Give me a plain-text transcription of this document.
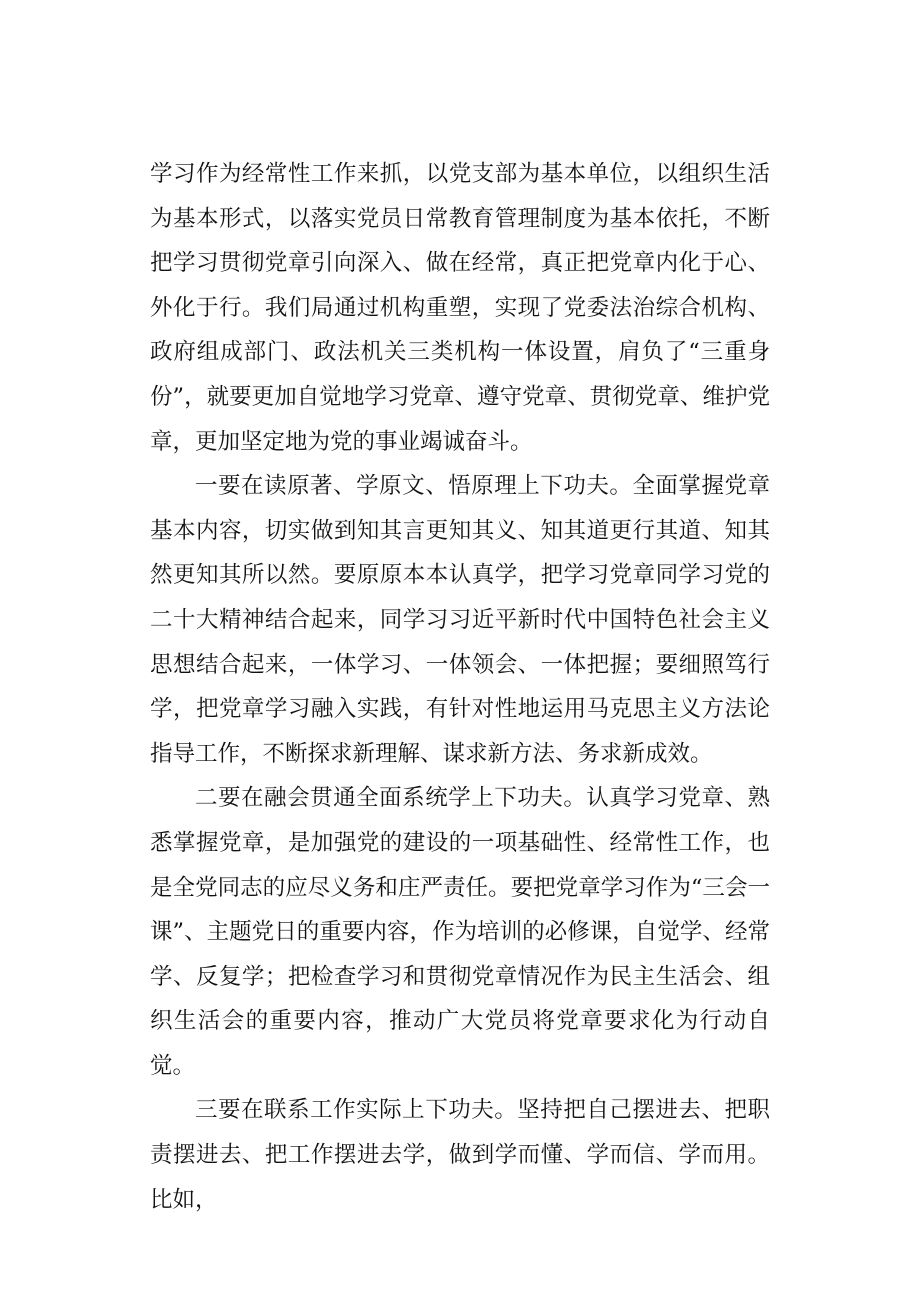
学习作为经常性工作来抓，以党支部为基本单位，以组织生活为基本形式，以落实党员日常教育管理制度为基本依托，不断把学习贯彻党章引向深入、做在经常，真正把党章内化于心、外化于行。我们局通过机构重塑，实现了党委法治综合机构、政府组成部门、政法机关三类机构一体设置，肩负了“三重身份”，就要更加自觉地学习党章、遵守党章、贯彻党章、维护党章，更加坚定地为党的事业竭诚奋斗。

一要在读原著、学原文、悟原理上下功夫。全面掌握党章基本内容，切实做到知其言更知其义、知其道更行其道、知其然更知其所以然。要原原本本认真学，把学习党章同学习党的二十大精神结合起来，同学习习近平新时代中国特色社会主义思想结合起来，一体学习、一体领会、一体把握；要细照笃行学，把党章学习融入实践，有针对性地运用马克思主义方法论指导工作，不断探求新理解、谋求新方法、务求新成效。

二要在融会贯通全面系统学上下功夫。认真学习党章、熟悉掌握党章，是加强党的建设的一项基础性、经常性工作，也是全党同志的应尽义务和庄严责任。要把党章学习作为“三会一课”、主题党日的重要内容，作为培训的必修课，自觉学、经常学、反复学；把检查学习和贯彻党章情况作为民主生活会、组织生活会的重要内容，推动广大党员将党章要求化为行动自觉。

三要在联系工作实际上下功夫。坚持把自己摆进去、把职责摆进去、把工作摆进去学，做到学而懂、学而信、学而用。比如，
